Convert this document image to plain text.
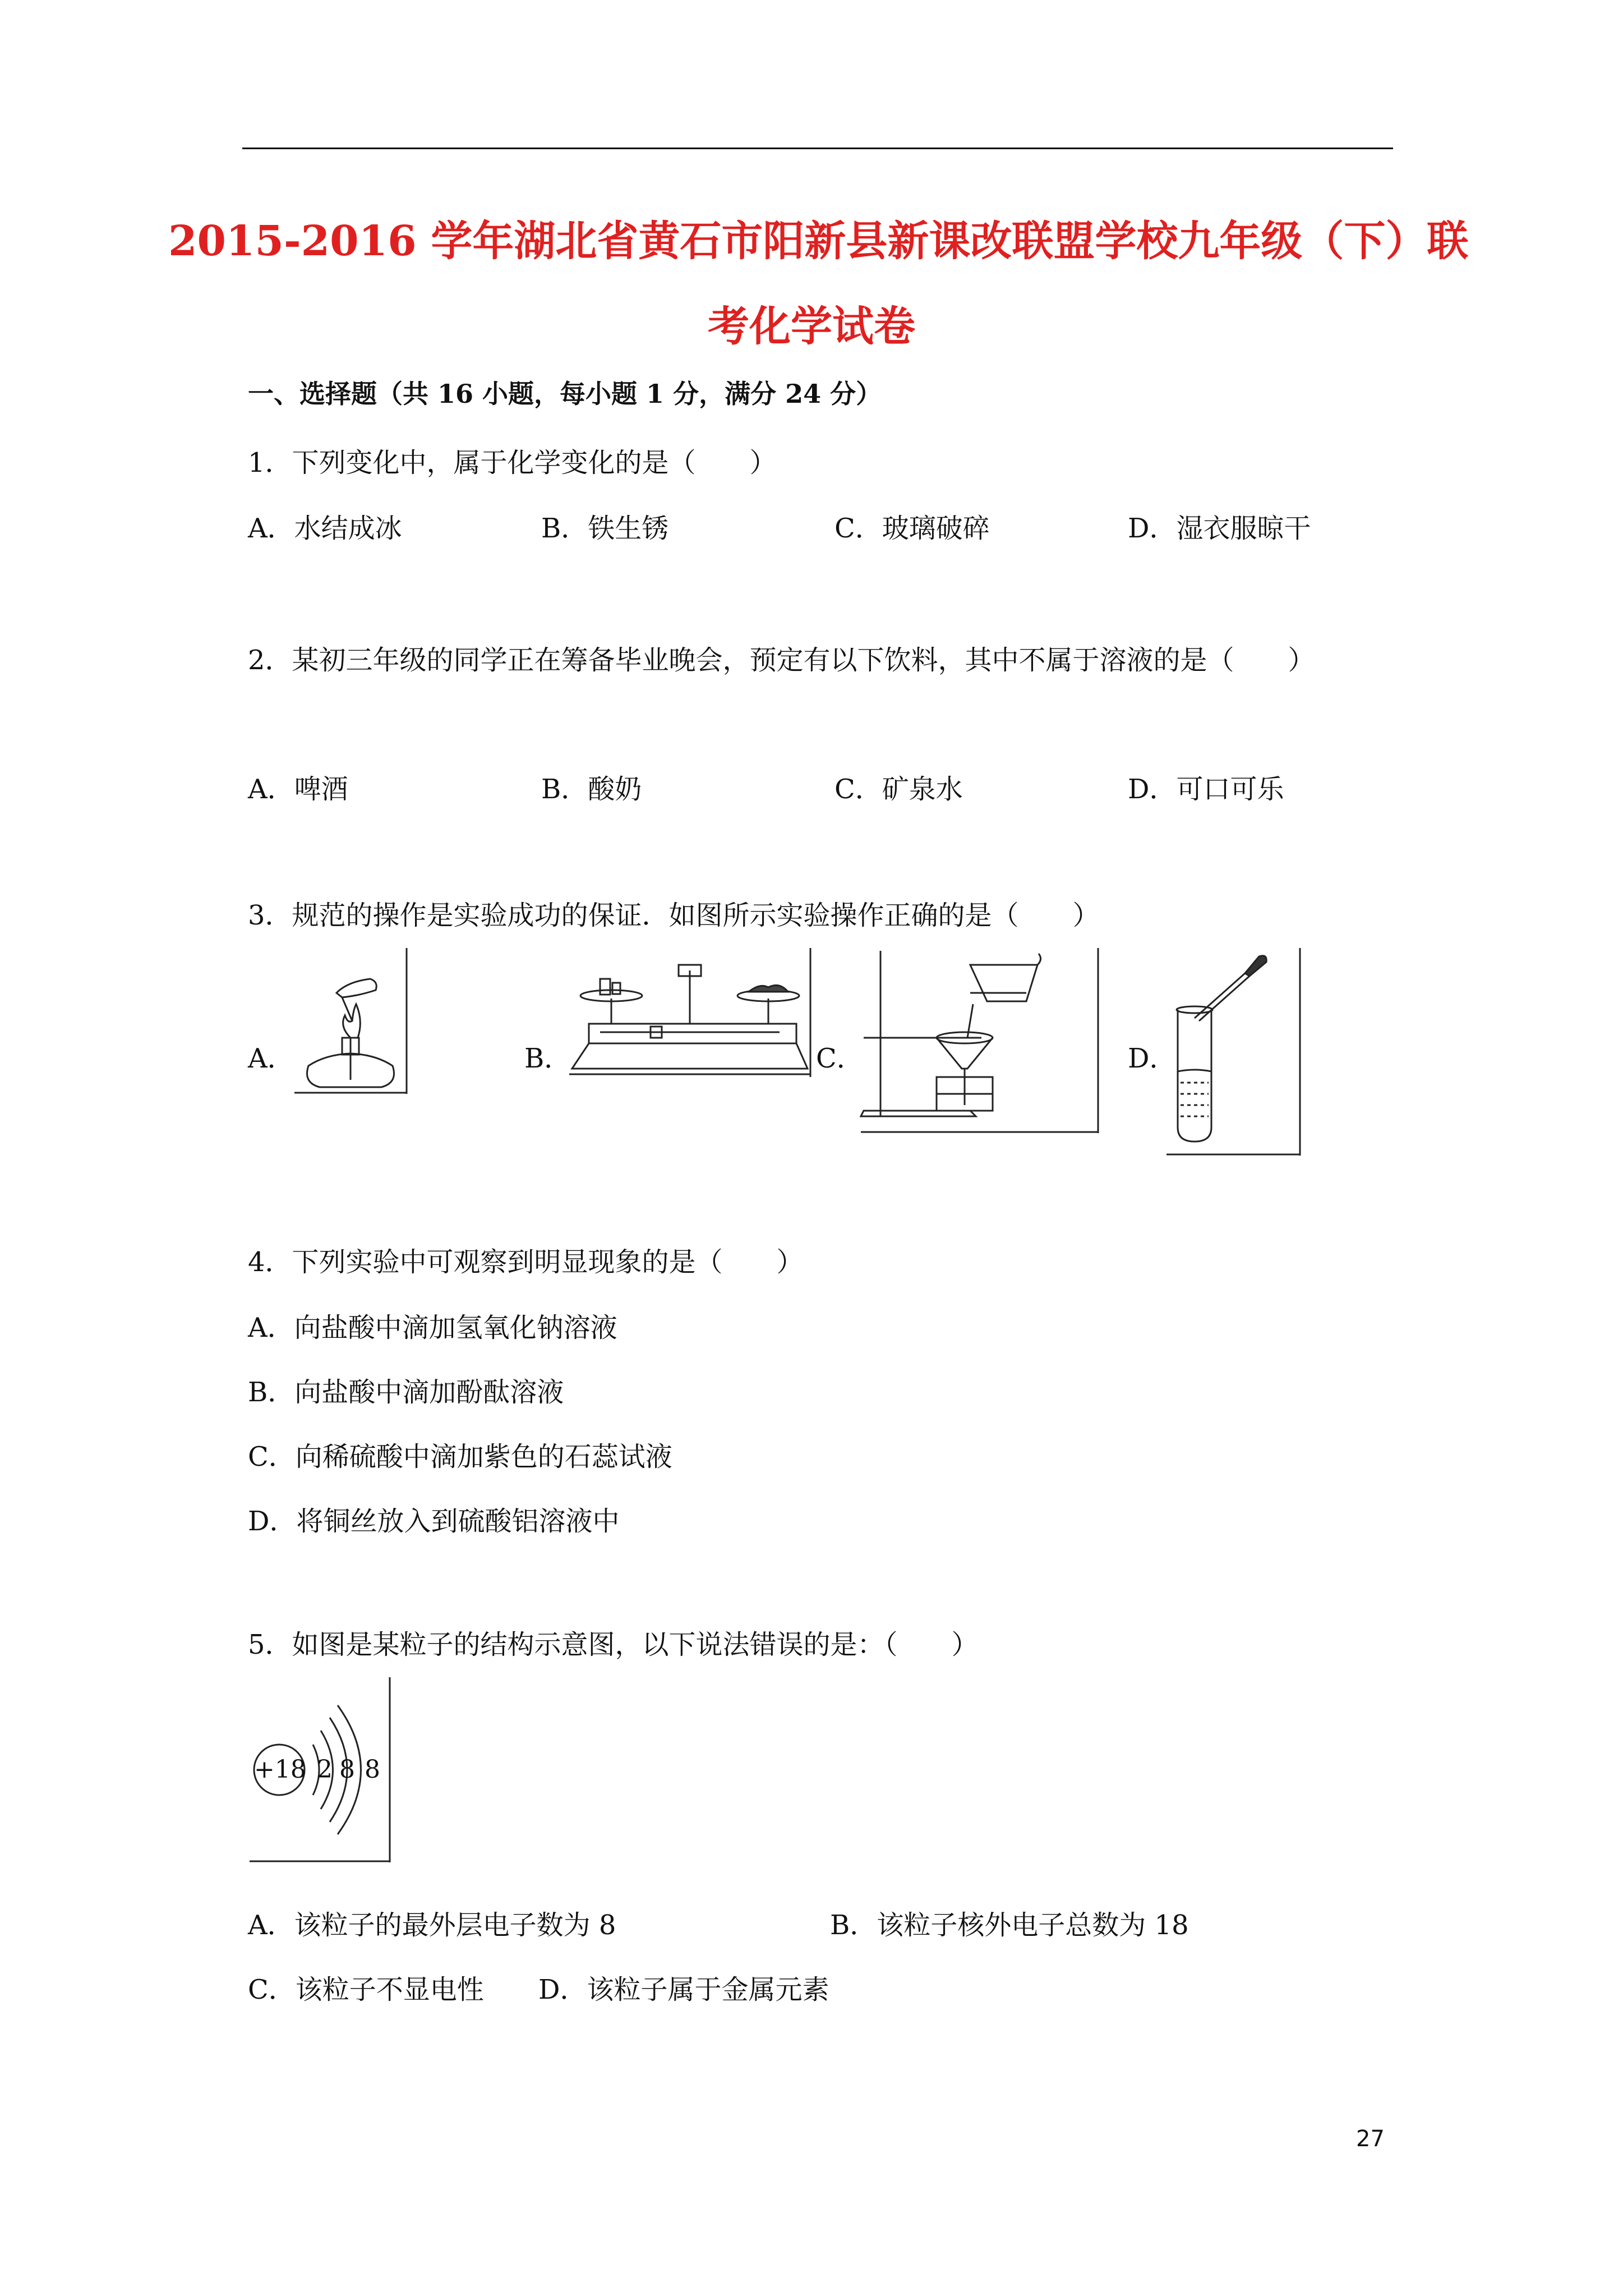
2015-2016 学年湖北省黄石市阳新县新课改联盟学校九年级（下）联
考化学试卷
一、选择题（共 16 小题，每小题 1 分，满分 24 分）
1．下列变化中，属于化学变化的是（　　）
A．水结成冰	B．铁生锈	C．玻璃破碎	D．湿衣服晾干
2．某初三年级的同学正在筹备毕业晚会，预定有以下饮料，其中不属于溶液的是（　　）
A．啤酒	B．酸奶	C．矿泉水	D．可口可乐
3．规范的操作是实验成功的保证．如图所示实验操作正确的是（　　）
A．	B．	C．	D．
4．下列实验中可观察到明显现象的是（　　）
A．向盐酸中滴加氢氧化钠溶液
B．向盐酸中滴加酚酞溶液
C．向稀硫酸中滴加紫色的石蕊试液
D．将铜丝放入到硫酸铝溶液中
5．如图是某粒子的结构示意图，以下说法错误的是：（　　）
+18 2 8 8
A．该粒子的最外层电子数为 8	B．该粒子核外电子总数为 18
C．该粒子不显电性 D．该粒子属于金属元素
27
